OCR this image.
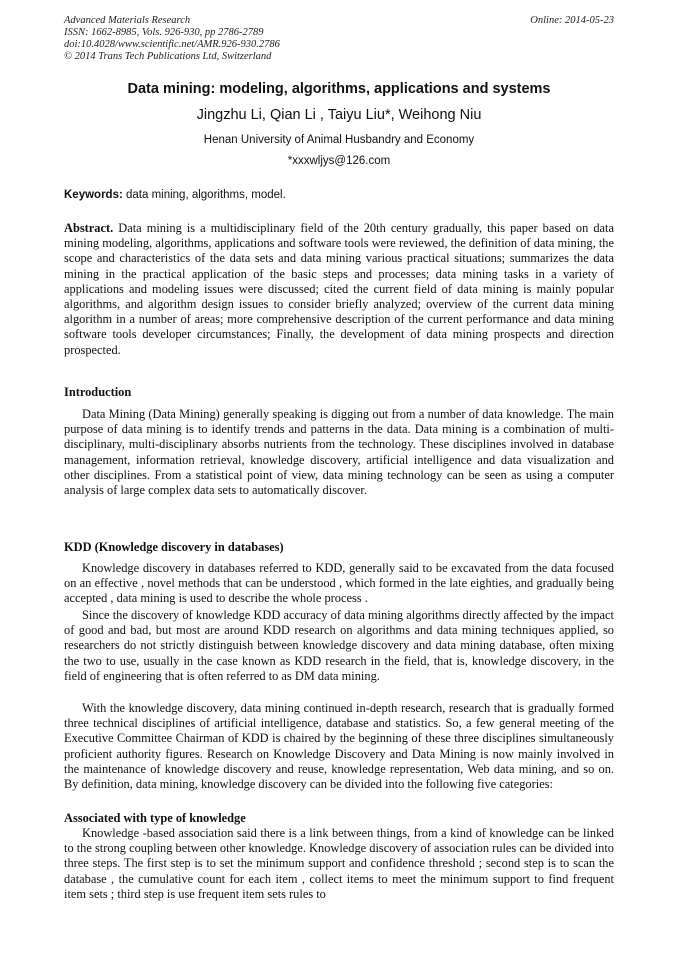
Advanced Materials Research
ISSN: 1662-8985, Vols. 926-930, pp 2786-2789
doi:10.4028/www.scientific.net/AMR.926-930.2786
© 2014 Trans Tech Publications Ltd, Switzerland
Online: 2014-05-23
Data mining: modeling, algorithms, applications and systems
Jingzhu Li, Qian Li , Taiyu Liu*, Weihong Niu
Henan University of Animal Husbandry and Economy
*xxxwljys@126.com
Keywords: data mining, algorithms, model.
Abstract. Data mining is a multidisciplinary field of the 20th century gradually, this paper based on data mining modeling, algorithms, applications and software tools were reviewed, the definition of data mining, the scope and characteristics of the data sets and data mining various practical situations; summarizes the data mining in the practical application of the basic steps and processes; data mining tasks in a variety of applications and modeling issues were discussed; cited the current field of data mining is mainly popular algorithms, and algorithm design issues to consider briefly analyzed; overview of the current data mining algorithm in a number of areas; more comprehensive description of the current performance and data mining software tools developer circumstances; Finally, the development of data mining prospects and direction prospected.
Introduction
Data Mining (Data Mining) generally speaking is digging out from a number of data knowledge. The main purpose of data mining is to identify trends and patterns in the data. Data mining is a combination of multi-disciplinary, multi-disciplinary absorbs nutrients from the technology. These disciplines involved in database management, information retrieval, knowledge discovery, artificial intelligence and data visualization and other disciplines. From a statistical point of view, data mining technology can be seen as using a computer analysis of large complex data sets to automatically discover.
KDD (Knowledge discovery in databases)
Knowledge discovery in databases referred to KDD, generally said to be excavated from the data focused on an effective , novel methods that can be understood , which formed in the late eighties, and gradually being accepted , data mining is used to describe the whole process .
Since the discovery of knowledge KDD accuracy of data mining algorithms directly affected by the impact of good and bad, but most are around KDD research on algorithms and data mining techniques applied, so researchers do not strictly distinguish between knowledge discovery and data mining database, often mixing the two to use, usually in the case known as KDD research in the field, that is, knowledge discovery, in the field of engineering that is often referred to as DM data mining.
With the knowledge discovery, data mining continued in-depth research, research that is gradually formed three technical disciplines of artificial intelligence, database and statistics. So, a few general meeting of the Executive Committee Chairman of KDD is chaired by the beginning of these three disciplines simultaneously proficient authority figures. Research on Knowledge Discovery and Data Mining is now mainly involved in the maintenance of knowledge discovery and reuse, knowledge representation, Web data mining, and so on. By definition, data mining, knowledge discovery can be divided into the following five categories:
Associated with type of knowledge
Knowledge -based association said there is a link between things, from a kind of knowledge can be linked to the strong coupling between other knowledge. Knowledge discovery of association rules can be divided into three steps. The first step is to set the minimum support and confidence threshold ; second step is to scan the database , the cumulative count for each item , collect items to meet the minimum support to find frequent item sets ; third step is use frequent item sets rules to
